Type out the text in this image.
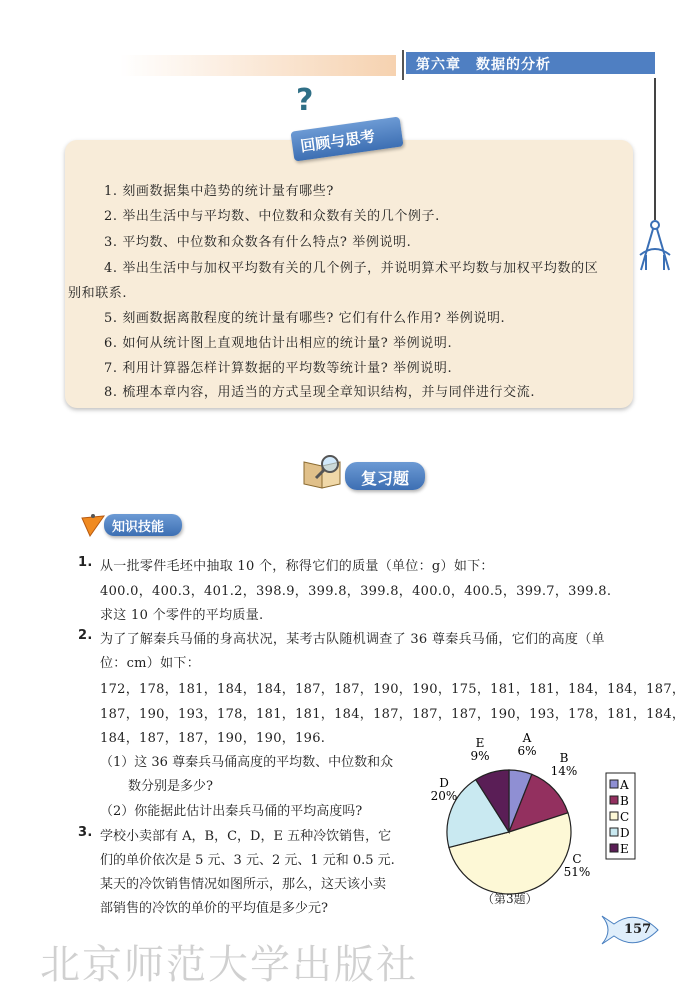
第六章　数据的分析
?
回顾与思考
1. 刻画数据集中趋势的统计量有哪些?
2. 举出生活中与平均数、中位数和众数有关的几个例子.
3. 平均数、中位数和众数各有什么特点? 举例说明.
4. 举出生活中与加权平均数有关的几个例子，并说明算术平均数与加权平均数的区
别和联系.
5. 刻画数据离散程度的统计量有哪些? 它们有什么作用? 举例说明.
6. 如何从统计图上直观地估计出相应的统计量? 举例说明.
7. 利用计算器怎样计算数据的平均数等统计量? 举例说明.
8. 梳理本章内容，用适当的方式呈现全章知识结构，并与同伴进行交流.
北京师范大学出版社
复习题
知识技能
1. 从一批零件毛坯中抽取 10 个，称得它们的质量（单位：g）如下：
400.0，400.3，401.2，398.9，399.8，399.8，400.0，400.5，399.7，399.8.
求这 10 个零件的平均质量.
2. 为了了解秦兵马俑的身高状况，某考古队随机调查了 36 尊秦兵马俑，它们的高度（单
位：cm）如下：
172，178，181，184，184，187，187，190，190，175，181，181，184，184，187，
187，190，193，178，181，181，184，187，187，187，190，193，178，181，184，
184，187，187，190，190，196.
（1）这 36 尊秦兵马俑高度的平均数、中位数和众
数分别是多少?
（2）你能据此估计出秦兵马俑的平均高度吗?
3. 学校小卖部有 A，B，C，D，E 五种冷饮销售，它
们的单价依次是 5 元、3 元、2 元、1 元和 0.5 元.
某天的冷饮销售情况如图所示，那么，这天该小卖
部销售的冷饮的单价的平均值是多少元?
A
6% B
14%
C
51%
D
20%
E
9%
A
B
C
D
E
（第3题）
157
